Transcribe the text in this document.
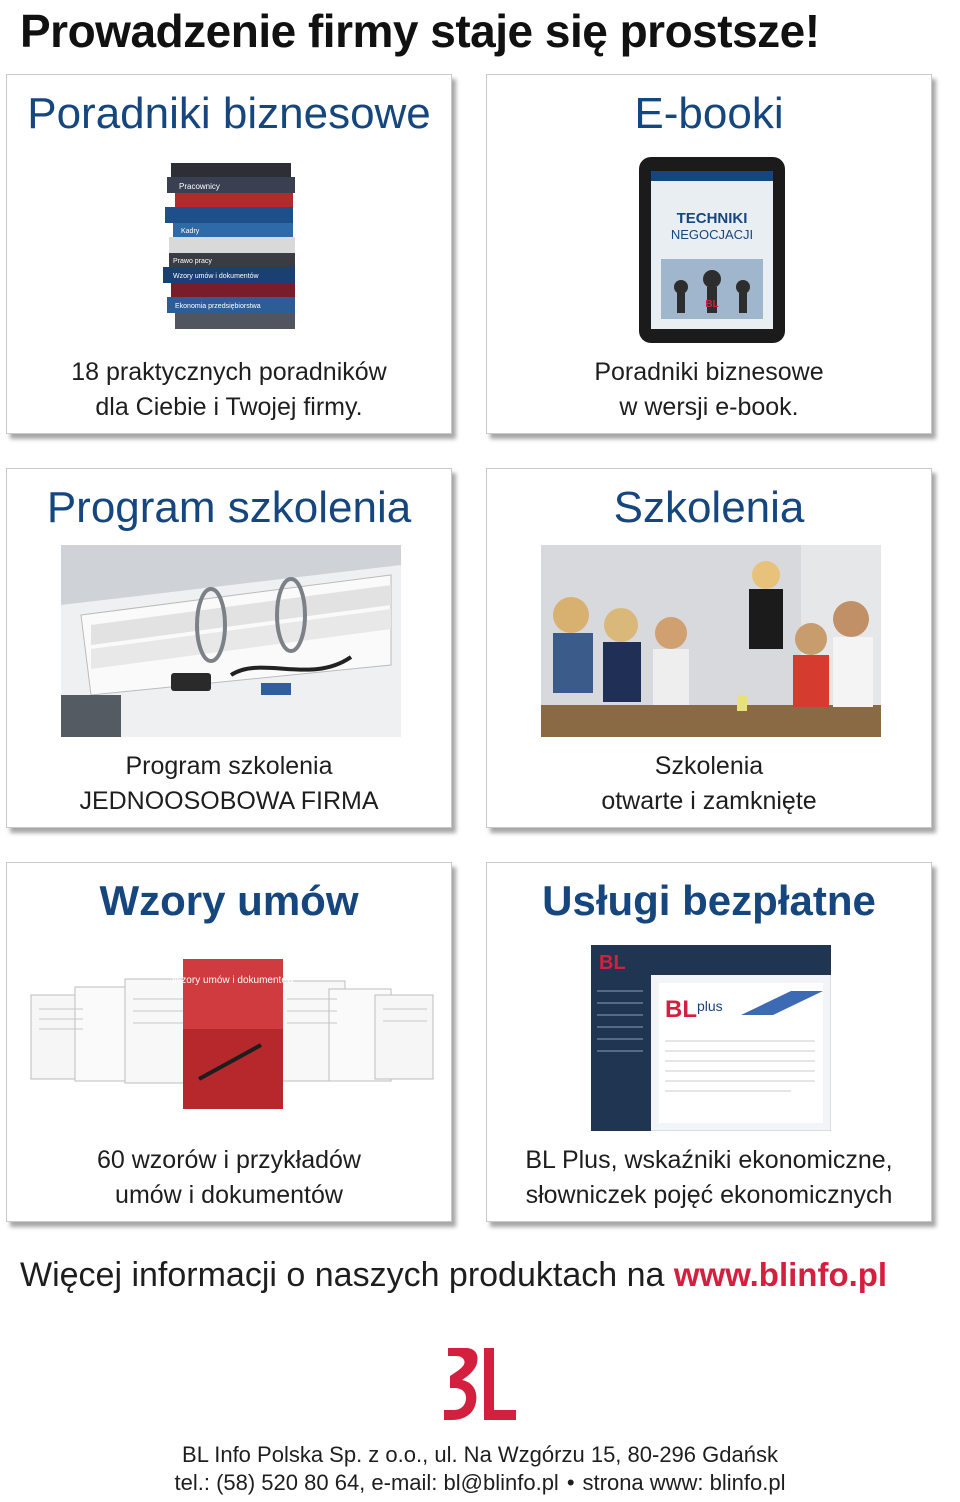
Prowadzenie firmy staje się prostsze!
Poradniki biznesowe
Pracownicy
Kadry
Prawo pracy
Wzory umów i dokumentów
Ekonomia przedsiębiorstwa
18 praktycznych poradników
dla Ciebie i Twojej firmy.
E-booki
TECHNIKI
NEGOCJACJI
BL
Poradniki biznesowe
w wersji e-book.
Program szkolenia
Program szkolenia
JEDNOOSOBOWA FIRMA
Szkolenia
Szkolenia
otwarte i zamknięte
Wzory umów
Wzory umów i dokumentów
60 wzorów i przykładów
umów i dokumentów
Usługi bezpłatne
BL
BL plus
BL Plus, wskaźniki ekonomiczne,
słowniczek pojęć ekonomicznych

Więcej informacji o naszych produktach na www.blinfo.pl

BL Info Polska Sp. z o.o., ul. Na Wzgórzu 15, 80-296 Gdańsk
tel.: (58) 520 80 64, e-mail: bl@blinfo.pl • strona www: blinfo.pl
